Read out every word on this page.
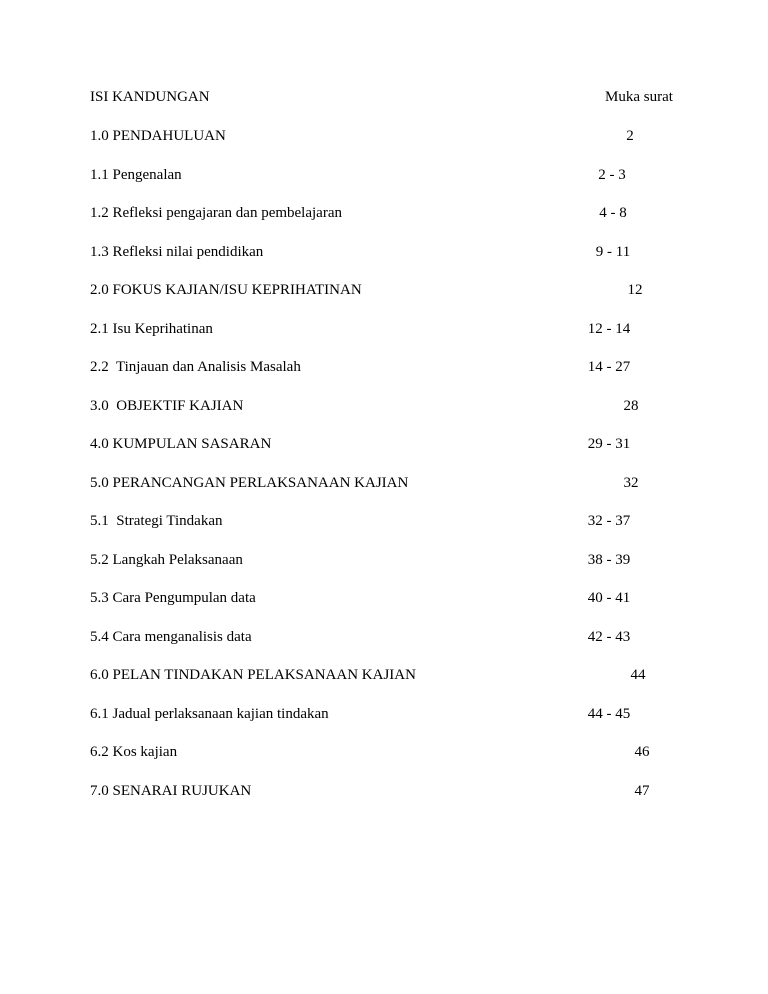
ISI KANDUNGAN	Muka surat
1.0 PENDAHULUAN	2
1.1 Pengenalan	2 - 3
1.2 Refleksi pengajaran dan pembelajaran	4 - 8
1.3 Refleksi nilai pendidikan	9 - 11
2.0 FOKUS KAJIAN/ISU KEPRIHATINAN	12
2.1 Isu Keprihatinan	12 - 14
2.2  Tinjauan dan Analisis Masalah	14 - 27
3.0  OBJEKTIF KAJIAN	28
4.0 KUMPULAN SASARAN	29 - 31
5.0 PERANCANGAN PERLAKSANAAN KAJIAN	32
5.1  Strategi Tindakan	32 - 37
5.2 Langkah Pelaksanaan	38 - 39
5.3 Cara Pengumpulan data	40 - 41
5.4 Cara menganalisis data	42 - 43
6.0 PELAN TINDAKAN PELAKSANAAN KAJIAN	44
6.1 Jadual perlaksanaan kajian tindakan	44 - 45
6.2 Kos kajian	46
7.0 SENARAI RUJUKAN	47
